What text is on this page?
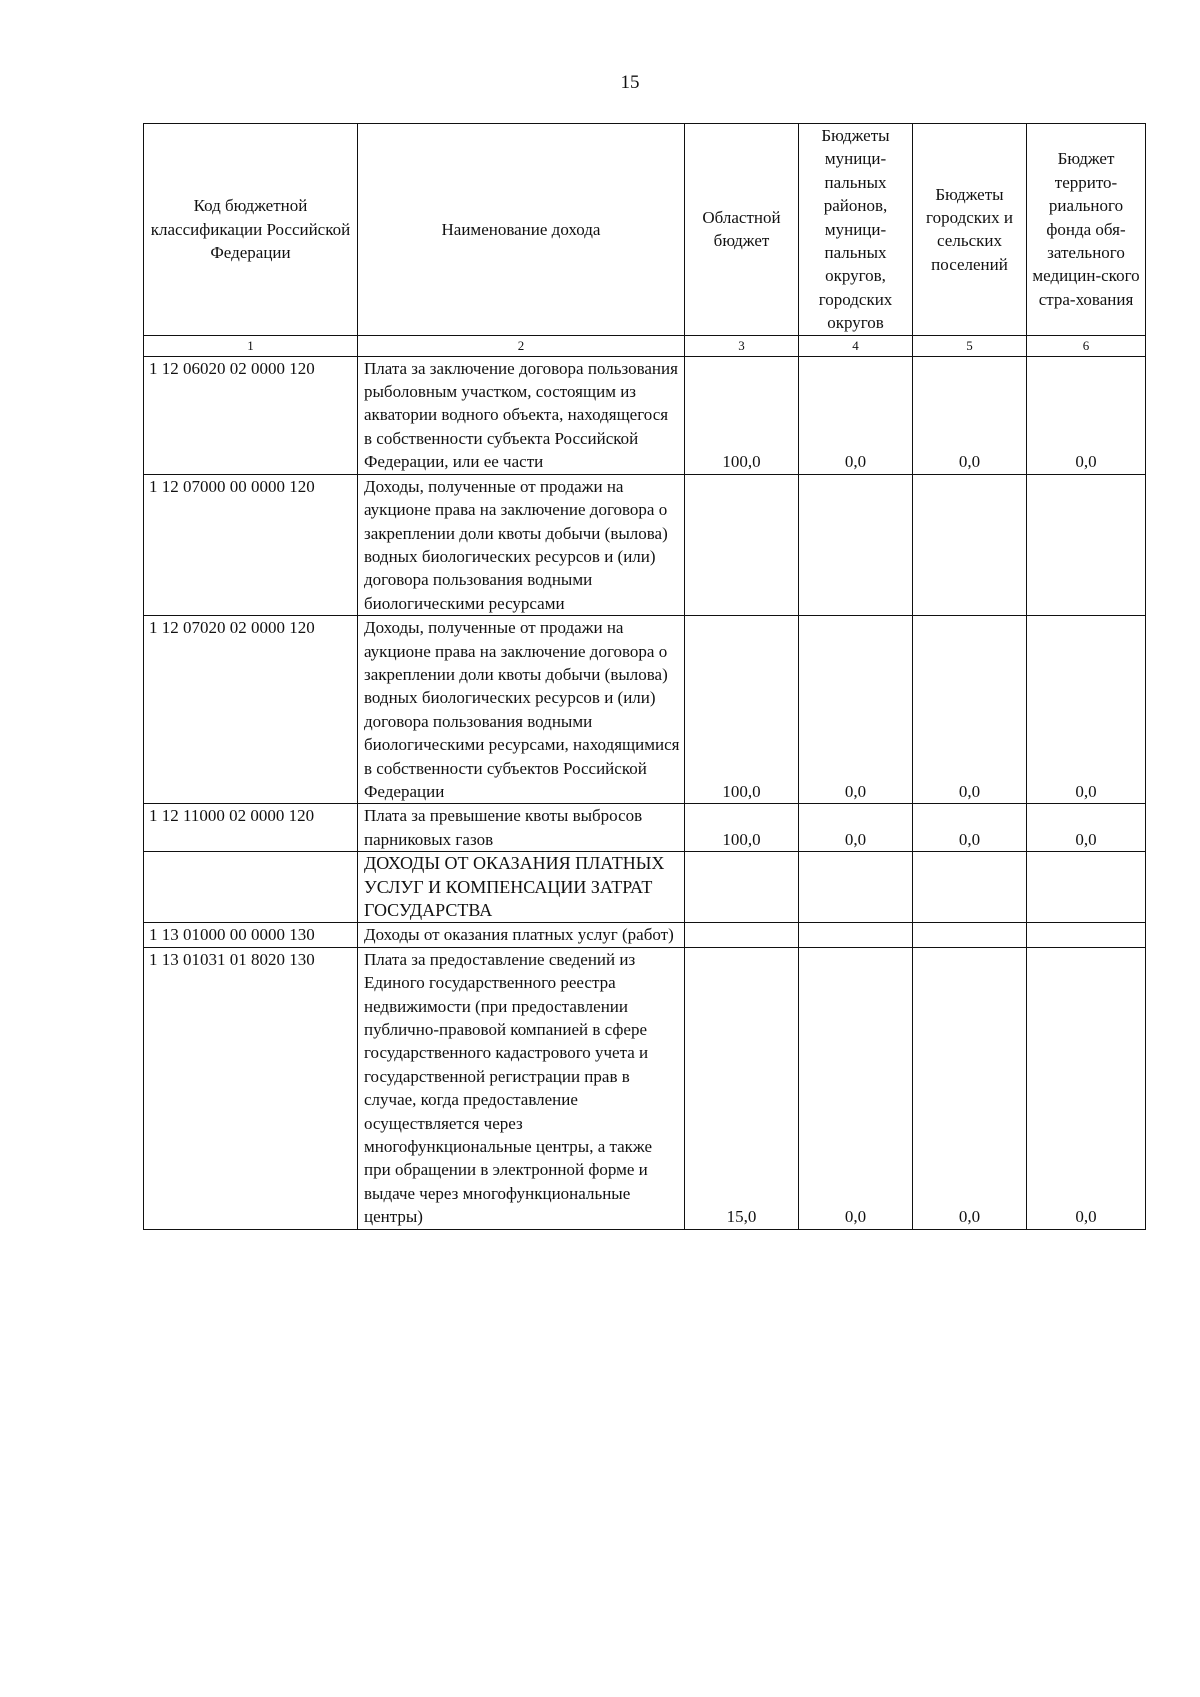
15
Код бюджетной классификации Российской Федерации	Наименование дохода	Областной бюджет	Бюджеты муници-пальных районов, муници-пальных округов, городских округов	Бюджеты городских и сельских поселений	Бюджет террито-риального фонда обя-зательного медицин-ского стра-хования
1	2	3	4	5	6
1 12 06020 02 0000 120	Плата за заключение договора пользования рыболовным участком, состоящим из акватории водного объекта, находящегося в собственности субъекта Российской Федерации, или ее части	100,0	0,0	0,0	0,0
1 12 07000 00 0000 120	Доходы, полученные от продажи на аукционе права на заключение договора о закреплении доли квоты добычи (вылова) водных биологических ресурсов и (или) договора пользования водными биологическими ресурсами				
1 12 07020 02 0000 120	Доходы, полученные от продажи на аукционе права на заключение договора о закреплении доли квоты добычи (вылова) водных биологических ресурсов и (или) договора пользования водными биологическими ресурсами, находящимися в собственности субъектов Российской Федерации	100,0	0,0	0,0	0,0
1 12 11000 02 0000 120	Плата за превышение квоты выбросов парниковых газов	100,0	0,0	0,0	0,0
	ДОХОДЫ ОТ ОКАЗАНИЯ ПЛАТНЫХ УСЛУГ И КОМПЕНСАЦИИ ЗАТРАТ ГОСУДАРСТВА				
1 13 01000 00 0000 130	Доходы от оказания платных услуг (работ)				
1 13 01031 01 8020 130	Плата за предоставление сведений из Единого государственного реестра недвижимости (при предоставлении публично-правовой компанией в сфере государственного кадастрового учета и государственной регистрации прав в случае, когда предоставление осуществляется через многофункциональные центры, а также при обращении в электронной форме и выдаче через многофункциональные центры)	15,0	0,0	0,0	0,0
